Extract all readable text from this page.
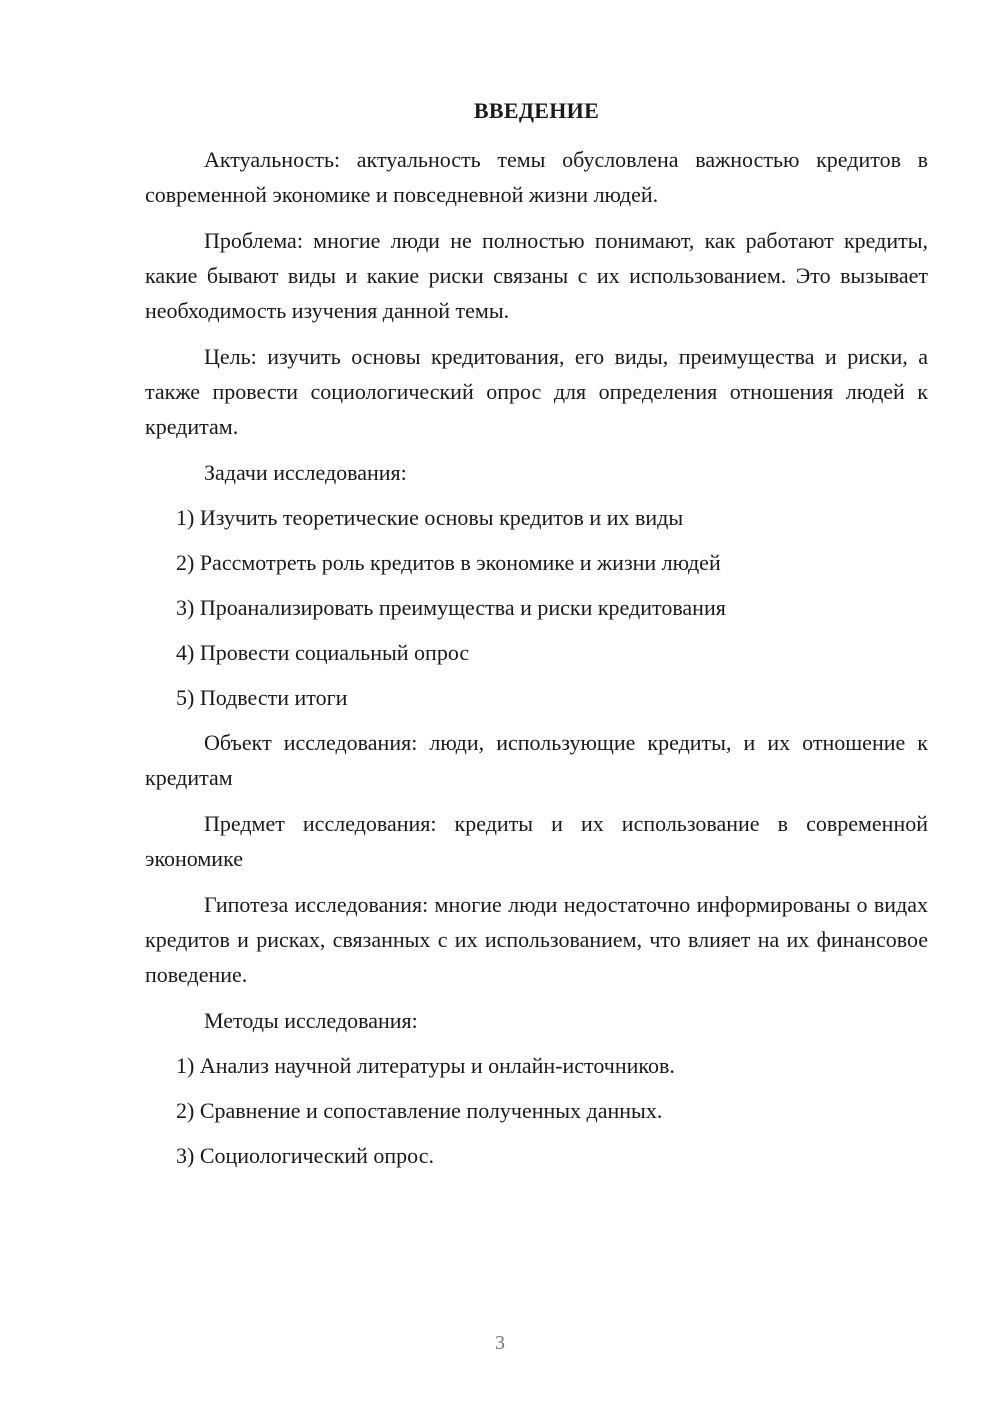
ВВЕДЕНИЕ

Актуальность: актуальность темы обусловлена важностью кредитов в современной экономике и повседневной жизни людей.

Проблема: многие люди не полностью понимают, как работают кредиты, какие бывают виды и какие риски связаны с их использованием. Это вызывает необходимость изучения данной темы.

Цель: изучить основы кредитования, его виды, преимущества и риски, а также провести социологический опрос для определения отношения людей к кредитам.

Задачи исследования:

1) Изучить теоретические основы кредитов и их виды
2) Рассмотреть роль кредитов в экономике и жизни людей
3) Проанализировать преимущества и риски кредитования
4) Провести социальный опрос
5) Подвести итоги

Объект исследования: люди, использующие кредиты, и их отношение к кредитам

Предмет исследования: кредиты и их использование в современной экономике

Гипотеза исследования: многие люди недостаточно информированы о видах кредитов и рисках, связанных с их использованием, что влияет на их финансовое поведение.

Методы исследования:

1) Анализ научной литературы и онлайн-источников.
2) Сравнение и сопоставление полученных данных.
3) Социологический опрос.
3
